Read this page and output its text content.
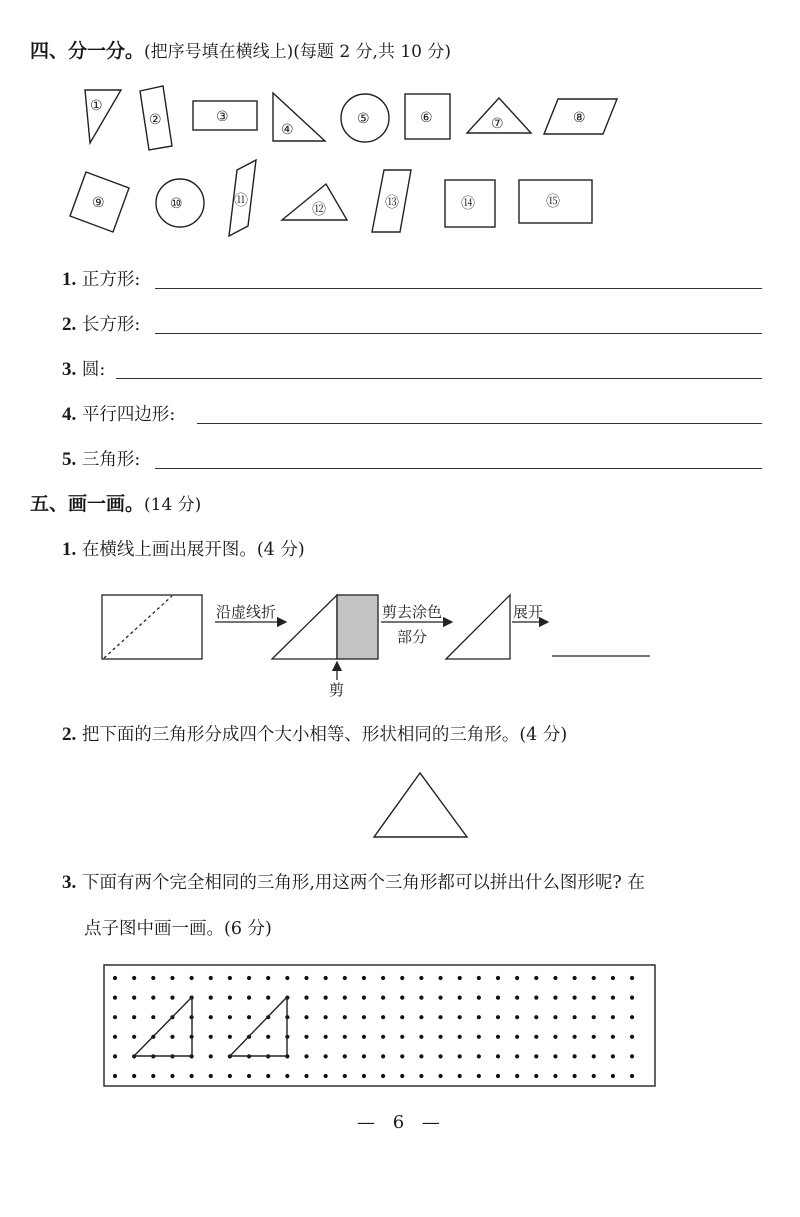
四、分一分。(把序号填在横线上)(每题 2 分,共 10 分)
①
②	③
④
⑤	⑥	⑦	⑧
⑨	⑩	⑪
⑫	⑬	⑭	⑮
1. 正方形:
2. 长方形:
3. 圆:
4. 平行四边形:
5. 三角形:
五、画一画。(14 分)
1. 在横线上画出展开图。(4 分)
沿虚线折	剪去涂色
部分
展开
剪
2. 把下面的三角形分成四个大小相等、形状相同的三角形。(4 分)
3. 下面有两个完全相同的三角形,用这两个三角形都可以拼出什么图形呢? 在
点子图中画一画。(6 分)
— 6 —
